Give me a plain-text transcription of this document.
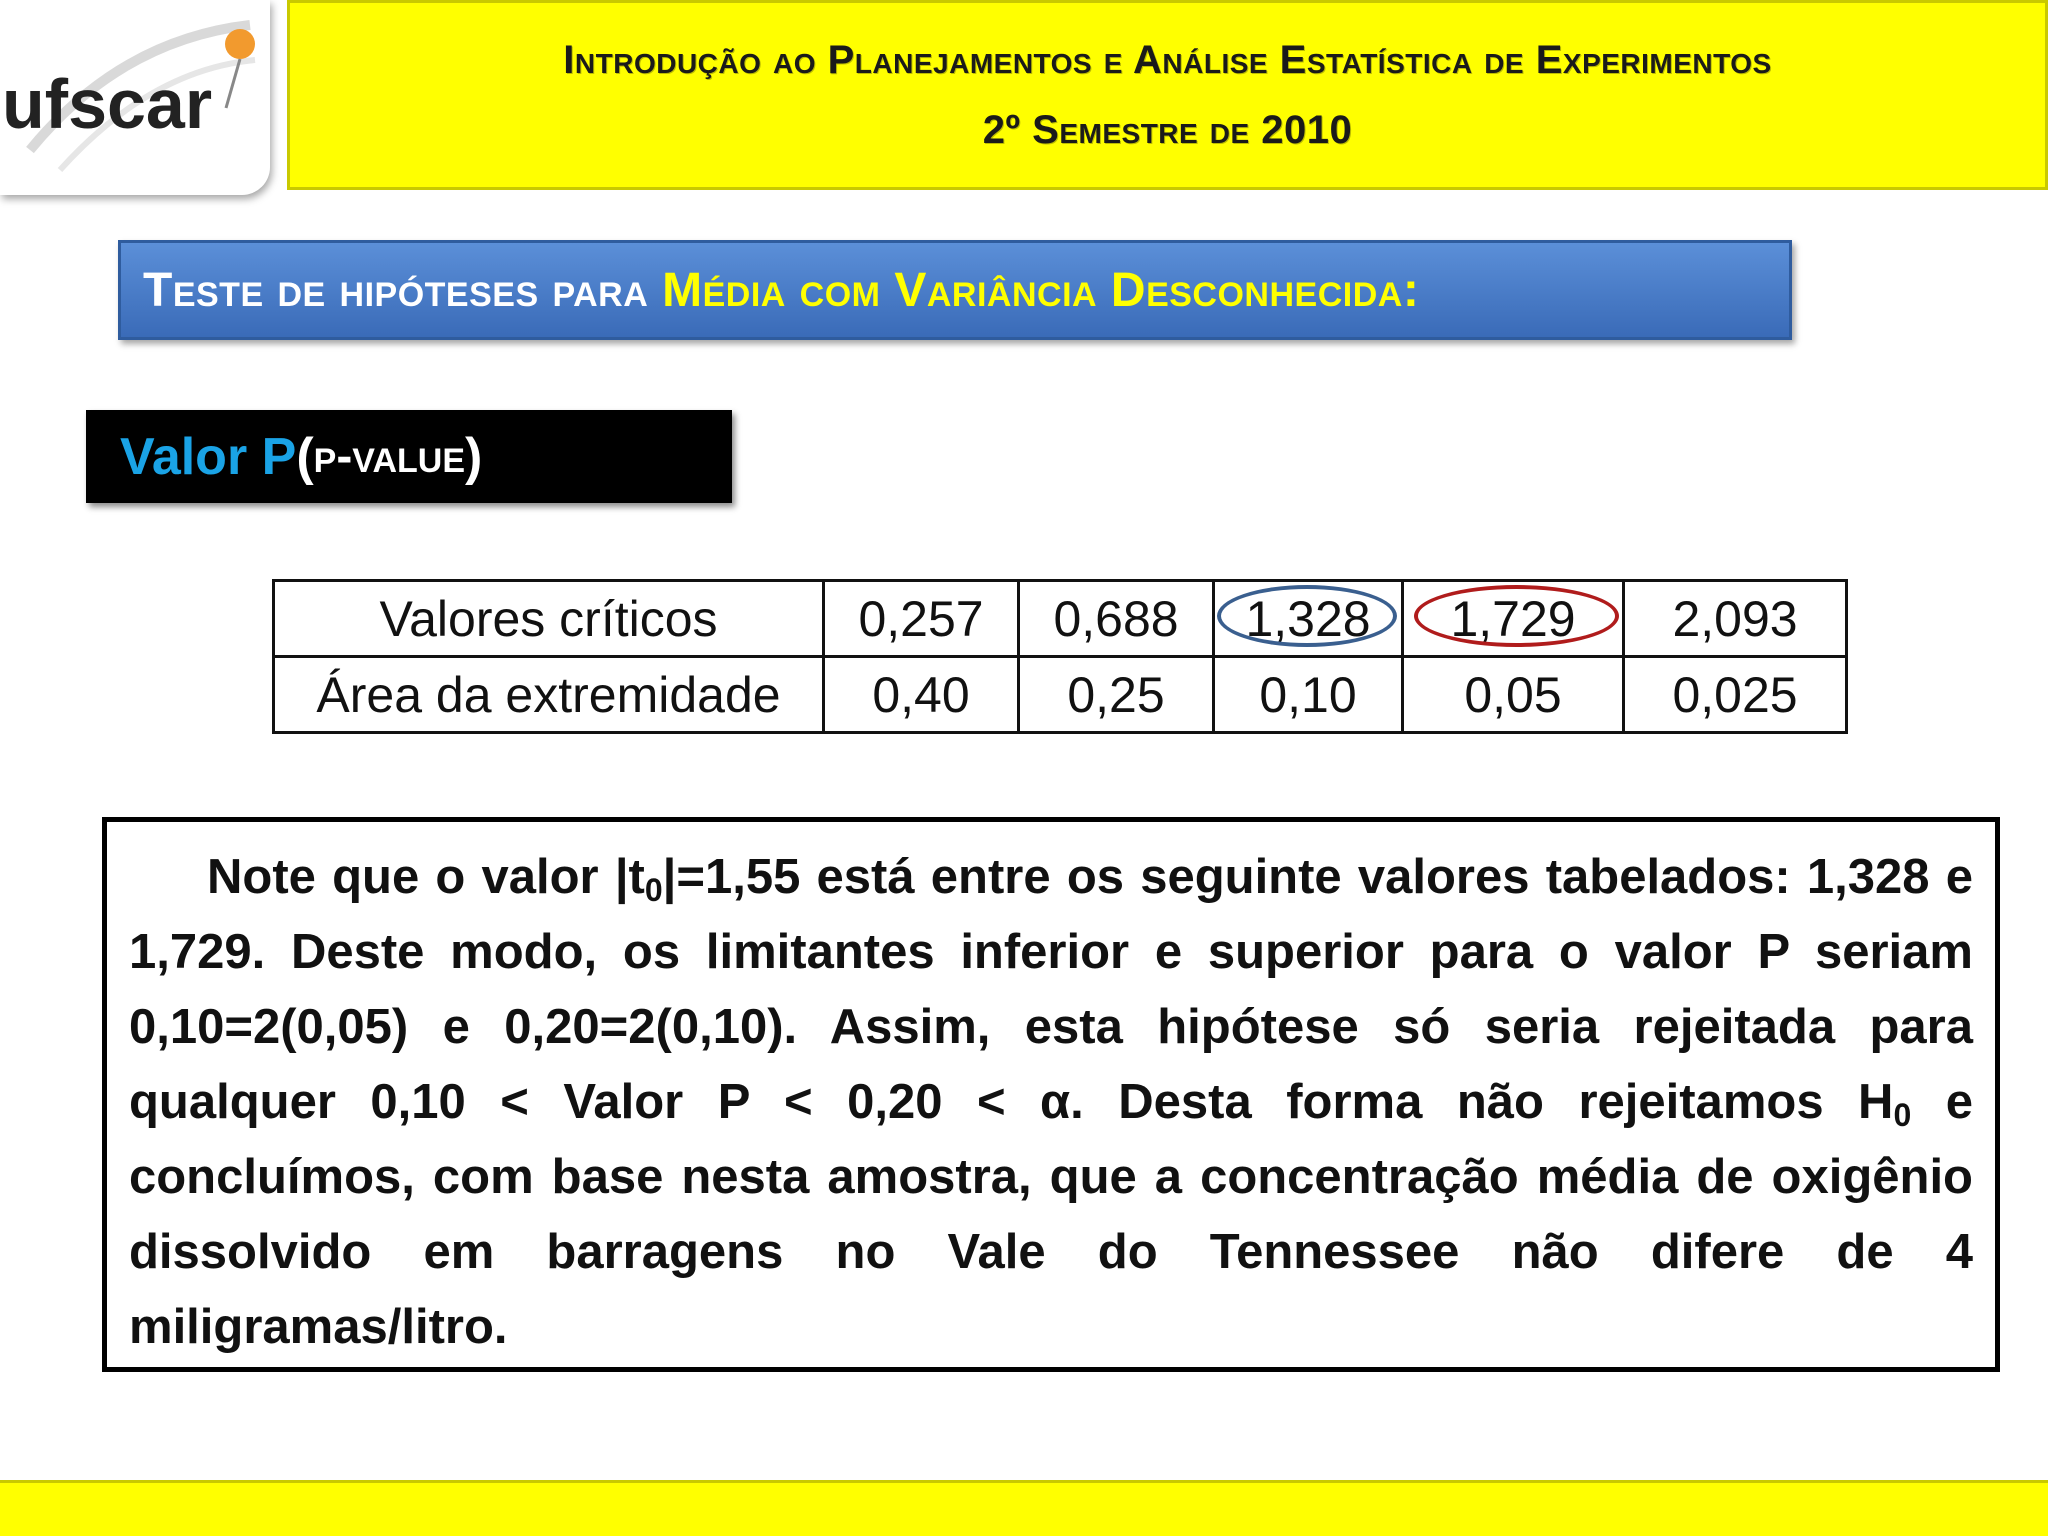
ufscar
Introdução ao Planejamentos e Análise Estatística de Experimentos
2º Semestre de 2010
Teste de hipóteses para Média com Variância Desconhecida:
Valor P ( p-value )
Valores críticos	0,257	0,688	1,328	1,729	2,093
Área da extremidade	0,40	0,25	0,10	0,05	0,025
Note que o valor $|t_0|=1,55$ está entre os seguinte valores tabelados: 1,328 e 1,729. Deste modo, os limitantes inferior e superior para o valor P seriam 0,10=2(0,05) e 0,20=2(0,10). Assim, esta hipótese só seria rejeitada para qualquer 0,10 < Valor P < 0,20 < α. Desta forma não rejeitamos $H_0$ e concluímos, com base nesta amostra, que a concentração média de oxigênio dissolvido em barragens no Vale do Tennessee não difere de 4 miligramas/litro.
